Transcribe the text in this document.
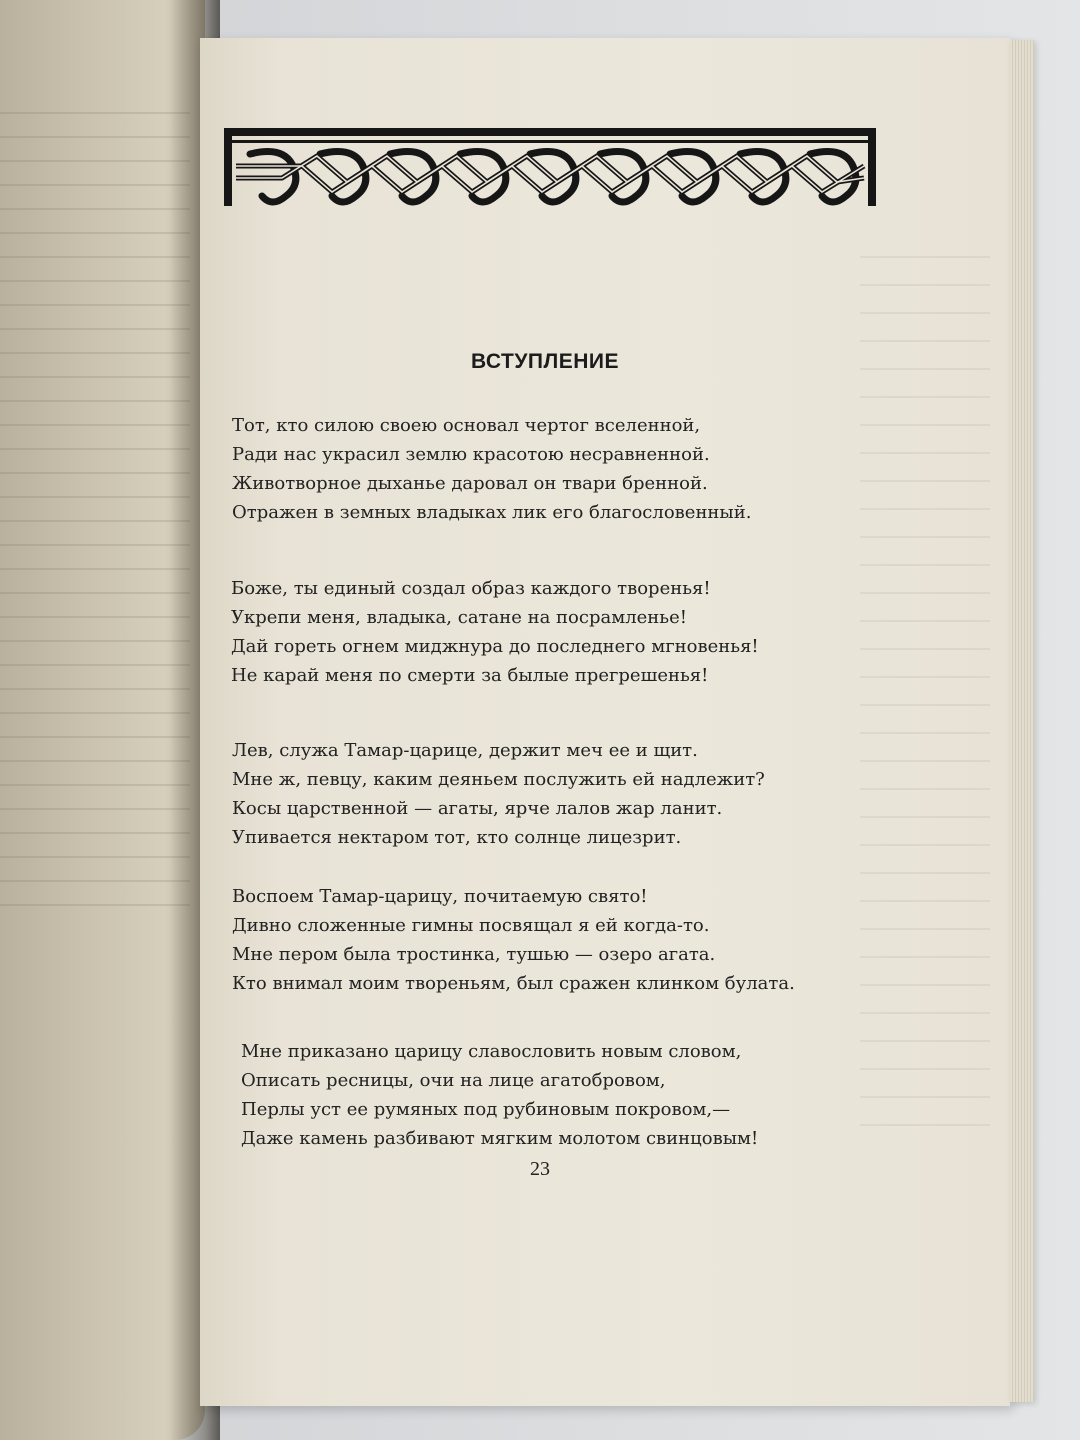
ВСТУПЛЕНИЕ
Тот, кто силою своею основал чертог вселенной,
Ради нас украсил землю красотою несравненной.
Животворное дыханье даровал он твари бренной.
Отражен в земных владыках лик его благословенный.
Боже, ты единый создал образ каждого творенья!
Укрепи меня, владыка, сатане на посрамленье!
Дай гореть огнем миджнура до последнего мгновенья!
Не карай меня по смерти за былые прегрешенья!
Лев, служа Тамар-царице, держит меч ее и щит.
Мне ж, певцу, каким деяньем послужить ей надлежит?
Косы царственной — агаты, ярче лалов жар ланит.
Упивается нектаром тот, кто солнце лицезрит.
Воспоем Тамар-царицу, почитаемую свято!
Дивно сложенные гимны посвящал я ей когда-то.
Мне пером была тростинка, тушью — озеро агата.
Кто внимал моим твореньям, был сражен клинком булата.
Мне приказано царицу славословить новым словом,
Описать ресницы, очи на лице агатобровом,
Перлы уст ее румяных под рубиновым покровом,—
Даже камень разбивают мягким молотом свинцовым!
23
